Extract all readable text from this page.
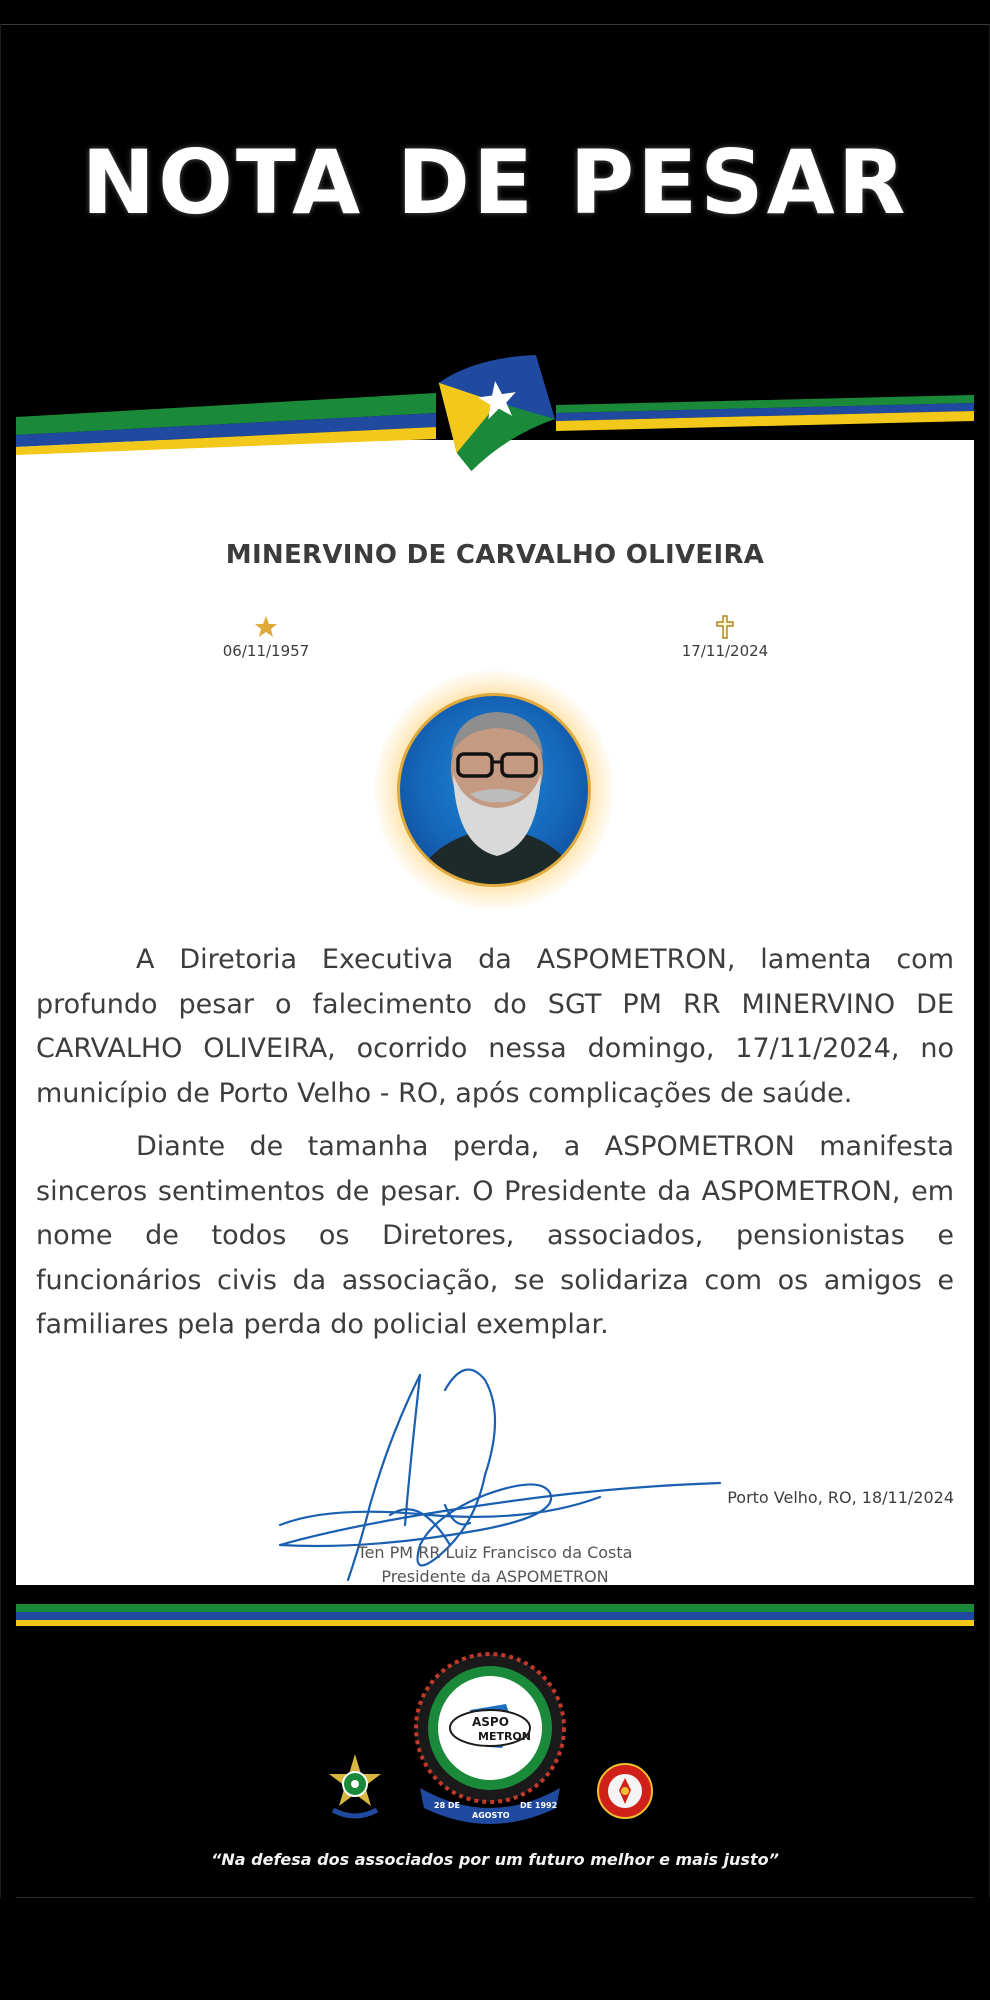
NOTA DE PESAR
MINERVINO DE CARVALHO OLIVEIRA
06/11/1957	17/11/2024

A Diretoria Executiva da ASPOMETRON, lamenta com profundo pesar o falecimento do SGT PM RR MINERVINO DE CARVALHO OLIVEIRA, ocorrido nessa domingo, 17/11/2024, no município de Porto Velho - RO, após complicações de saúde.

Diante de tamanha perda, a ASPOMETRON manifesta sinceros sentimentos de pesar. O Presidente da ASPOMETRON, em nome de todos os Diretores, associados, pensionistas e funcionários civis da associação, se solidariza com os amigos e familiares pela perda do policial exemplar.

Porto Velho, RO, 18/11/2024
Ten PM RR Luiz Francisco da Costa
Presidente da ASPOMETRON
ASPO
METRON
28 DE
AGOSTO
DE 1992
“Na defesa dos associados por um futuro melhor e mais justo”
